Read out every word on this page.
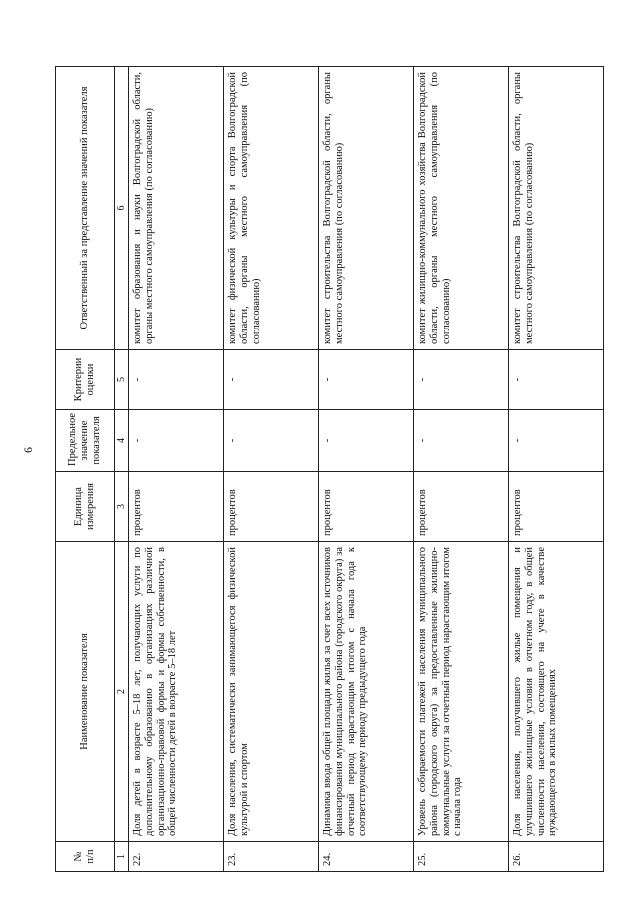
6
№ п/п	Наименование показателя	Единица измерения	Предельное значение показателя	Критерии оценки	Ответственный за представление значений показателя
1	2	3	4	5	6
22.	Доля детей в возрасте 5–18 лет, получающих услуги по дополнительному образованию в организациях различной организационно-правовой формы и формы собственности, в общей численности детей в возрасте 5–18 лет	процентов	-	-	комитет образования и науки Волгоградской области, органы местного самоуправления (по согласованию)
23.	Доля населения, систематически занимающегося физической культурой и спортом	процентов	-	-	комитет физической культуры и спорта Волгоградской области, органы местного самоуправления (по согласованию)
24.	Динамика ввода общей площади жилья за счет всех источников финансирования муниципального района (городского округа) за отчетный период нарастающим итогом с начала года к соответствующему периоду предыдущего года	процентов	-	-	комитет строительства Волгоградской области, органы местного самоуправления (по согласованию)
25.	Уровень собираемости платежей населения муниципального района (городского округа) за предоставленные жилищно-коммунальные услуги за отчетный период нарастающим итогом с начала года	процентов	-	-	комитет жилищно-коммунального хозяйства Волгоградской области, органы местного самоуправления (по согласованию)
26.	Доля населения, получившего жилые помещения и улучшившего жилищные условия в отчетном году, в общей численности населения, состоящего на учете в качестве нуждающегося в жилых помещениях	процентов	-	-	комитет строительства Волгоградской области, органы местного самоуправления (по согласованию)
